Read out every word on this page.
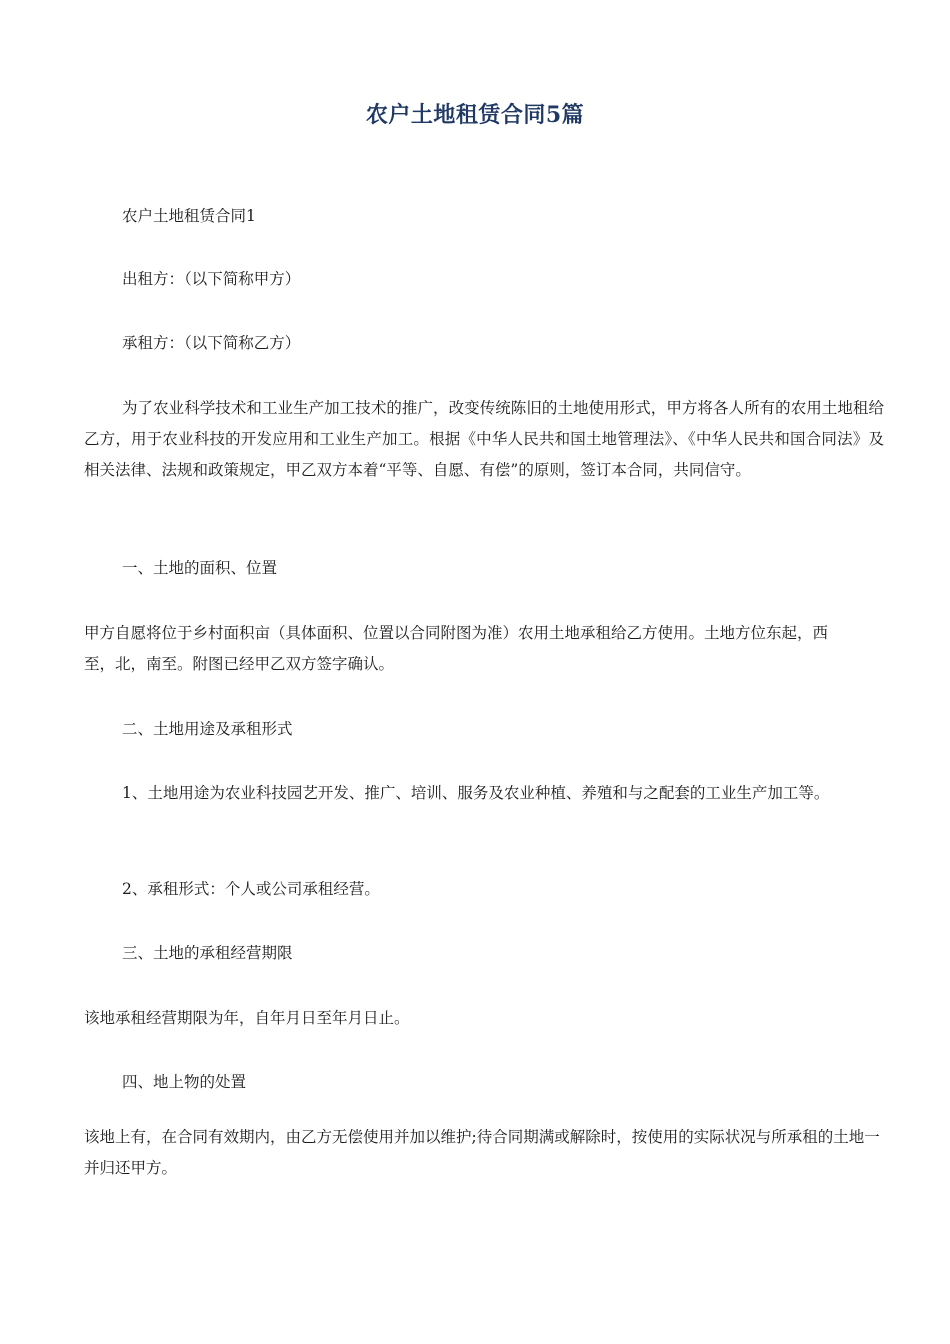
农户土地租赁合同5篇

农户土地租赁合同1

出租方：（以下简称甲方）

承租方：（以下简称乙方）

为了农业科学技术和工业生产加工技术的推广，改变传统陈旧的土地使用形式，甲方将各人所有的农用土地租给乙方，用于农业科技的开发应用和工业生产加工。根据《中华人民共和国土地管理法》、《中华人民共和国合同法》及相关法律、法规和政策规定，甲乙双方本着“平等、自愿、有偿”的原则，签订本合同，共同信守。

一、土地的面积、位置

甲方自愿将位于乡村面积亩（具体面积、位置以合同附图为准）农用土地承租给乙方使用。土地方位东起，西至，北，南至。附图已经甲乙双方签字确认。

二、土地用途及承租形式

1、土地用途为农业科技园艺开发、推广、培训、服务及农业种植、养殖和与之配套的工业生产加工等。

2、承租形式：个人或公司承租经营。

三、土地的承租经营期限

该地承租经营期限为年，自年月日至年月日止。

四、地上物的处置

该地上有，在合同有效期内，由乙方无偿使用并加以维护;待合同期满或解除时，按使用的实际状况与所承租的土地一并归还甲方。
